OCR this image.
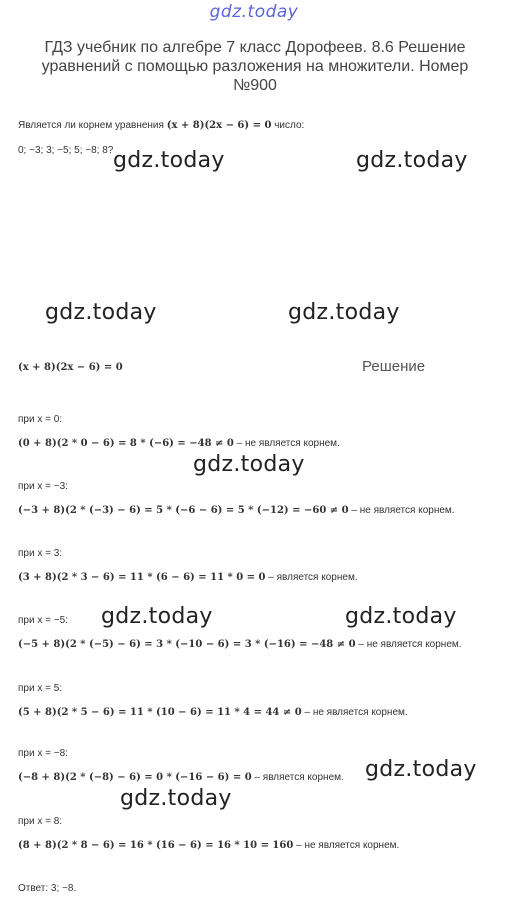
gdz.today
ГДЗ учебник по алгебре 7 класс Дорофеев. 8.6 Решение уравнений с помощью разложения на множители. Номер №900
Является ли корнем уравнения (x + 8)(2x − 6) = 0 число:
0; −3; 3; −5; 5; −8; 8? gdz.today	gdz.today
gdz.today	gdz.today
Решение
(x + 8)(2x − 6) = 0
при x = 0:
(0 + 8)(2 * 0 − 6) = 8 * (−6) = −48 ≠ 0 – не является корнем.
gdz.today
при x = −3:
(−3 + 8)(2 * (−3) − 6) = 5 * (−6 − 6) = 5 * (−12) = −60 ≠ 0 – не является корнем.
при x = 3:
(3 + 8)(2 * 3 − 6) = 11 * (6 − 6) = 11 * 0 = 0 – является корнем.
при x = −5: gdz.today	gdz.today
(−5 + 8)(2 * (−5) − 6) = 3 * (−10 − 6) = 3 * (−16) = −48 ≠ 0 – не является корнем.
при x = 5:
(5 + 8)(2 * 5 − 6) = 11 * (10 − 6) = 11 * 4 = 44 ≠ 0 – не является корнем.
при x = −8:
gdz.today
(−8 + 8)(2 * (−8) − 6) = 0 * (−16 − 6) = 0 – является корнем.
gdz.today
при x = 8:
(8 + 8)(2 * 8 − 6) = 16 * (16 − 6) = 16 * 10 = 160 – не является корнем.
Ответ: 3; −8.
